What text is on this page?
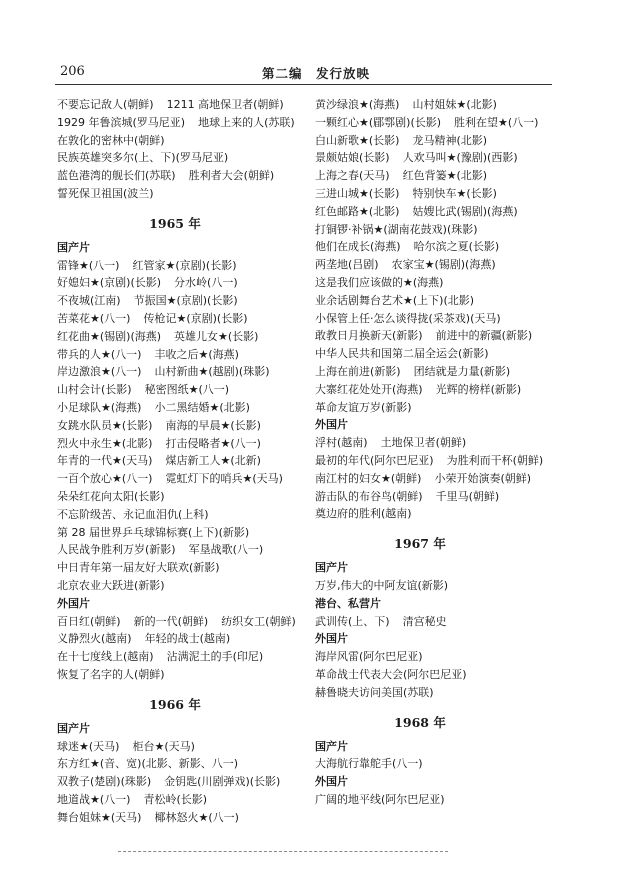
206	第二编　发行放映
不要忘记敌人(朝鲜) 1211 高地保卫者(朝鲜)
1929 年鲁滨城(罗马尼亚) 地球上来的人(苏联)
在敦化的密林中(朝鲜)
民族英雄突多尔(上、下)(罗马尼亚)
蓝色港湾的舰长们(苏联) 胜利者大会(朝鲜)
誓死保卫祖国(波兰)
1965 年
国产片
雷锋★(八一) 红管家★(京剧)(长影)
好媳妇★(京剧)(长影) 分水岭(八一)
不夜城(江南) 节振国★(京剧)(长影)
苦菜花★(八一) 传枪记★(京剧)(长影)
红花曲★(锡剧)(海燕) 英雄儿女★(长影)
带兵的人★(八一) 丰收之后★(海燕)
岸边激浪★(八一) 山村新曲★(越剧)(珠影)
山村会计(长影) 秘密图纸★(八一)
小足球队★(海燕) 小二黑结婚★(北影)
女跳水队员★(长影) 南海的早晨★(长影)
烈火中永生★(北影) 打击侵略者★(八一)
年青的一代★(天马) 煤店新工人★(北新)
一百个放心★(八一) 霓虹灯下的哨兵★(天马)
朵朵红花向太阳(长影)
不忘阶级苦、永记血泪仇(上科)
第 28 届世界乒乓球锦标赛(上下)(新影)
人民战争胜利万岁(新影) 军垦战歌(八一)
中日青年第一届友好大联欢(新影)
北京农业大跃进(新影)
外国片
百日红(朝鲜) 新的一代(朝鲜) 纺织女工(朝鲜)
义静烈火(越南) 年轻的战士(越南)
在十七度线上(越南) 沾满泥土的手(印尼)
恢复了名字的人(朝鲜)
1966 年
国产片
球迷★(天马) 柜台★(天马)
东方红★(音、宽)(北影、新影、八一)
双教子(楚剧)(珠影) 金钥匙(川剧弹戏)(长影)
地道战★(八一) 青松岭(长影)
舞台姐妹★(天马) 椰林怒火★(八一)
黄沙绿浪★(海燕) 山村姐妹★(北影)
一颗红心★(郿鄠剧)(长影) 胜利在望★(八一)
白山新歌★(长影) 龙马精神(北影)
景颇姑娘(长影) 人欢马叫★(豫剧)(西影)
上海之春(天马) 红色背篓★(北影)
三进山城★(长影) 特别快车★(长影)
红色邮路★(北影) 姑嫂比武(锡剧)(海燕)
打铜锣·补锅★(湖南花鼓戏)(珠影)
他们在成长(海燕) 哈尔滨之夏(长影)
两垄地(吕剧) 农家宝★(锡剧)(海燕)
这是我们应该做的★(海燕)
业余话剧舞台艺术★(上下)(北影)
小保管上任·怎么谈得拢(采茶戏)(天马)
敢教日月换新天(新影) 前进中的新疆(新影)
中华人民共和国第二届全运会(新影)
上海在前进(新影) 团结就是力量(新影)
大寨红花处处开(海燕) 光辉的榜样(新影)
革命友谊万岁(新影)
外国片
浮村(越南) 土地保卫者(朝鲜)
最初的年代(阿尔巴尼亚) 为胜利而干杯(朝鲜)
南江村的妇女★(朝鲜) 小荣开始演奏(朝鲜)
游击队的布谷鸟(朝鲜) 千里马(朝鲜)
奠边府的胜利(越南)
1967 年
国产片
万岁,伟大的中阿友谊(新影)
港台、私营片
武训传(上、下) 清宫秘史
外国片
海岸风雷(阿尔巴尼亚)
革命战士代表大会(阿尔巴尼亚)
赫鲁晓夫访问美国(苏联)
1968 年
国产片
大海航行靠舵手(八一)
外国片
广阔的地平线(阿尔巴尼亚)
